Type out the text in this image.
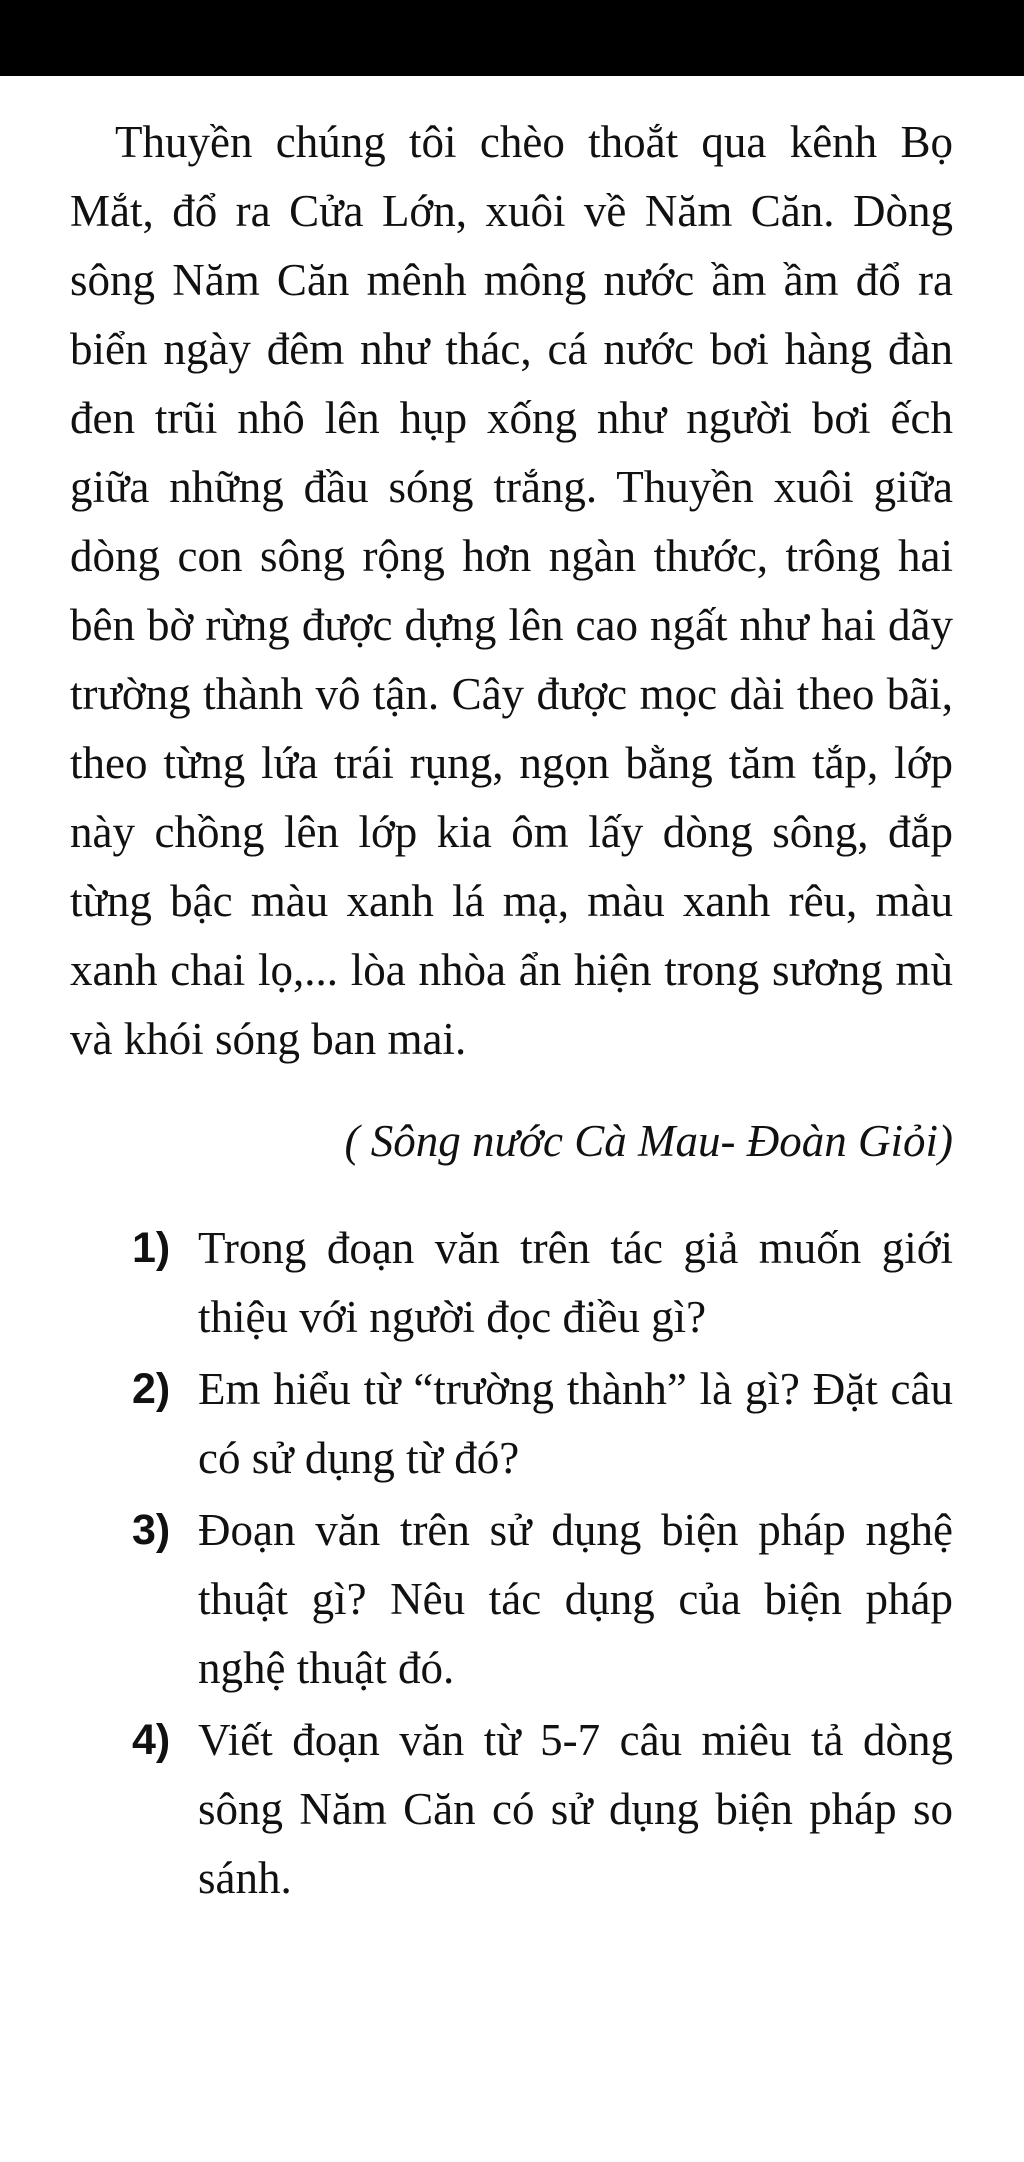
Thuyền chúng tôi chèo thoắt qua kênh Bọ Mắt, đổ ra Cửa Lớn, xuôi về Năm Căn. Dòng sông Năm Căn mênh mông nước ầm ầm đổ ra biển ngày đêm như thác, cá nước bơi hàng đàn đen trũi nhô lên hụp xống như người bơi ếch giữa những đầu sóng trắng. Thuyền xuôi giữa dòng con sông rộng hơn ngàn thước, trông hai bên bờ rừng được dựng lên cao ngất như hai dãy trường thành vô tận. Cây được mọc dài theo bãi, theo từng lứa trái rụng, ngọn bằng tăm tắp, lớp này chồng lên lớp kia ôm lấy dòng sông, đắp từng bậc màu xanh lá mạ, màu xanh rêu, màu xanh chai lọ,... lòa nhòa ẩn hiện trong sương mù và khói sóng ban mai.

( Sông nước Cà Mau- Đoàn Giỏi)

1) Trong đoạn văn trên tác giả muốn giới thiệu với người đọc điều gì?
2) Em hiểu từ “trường thành” là gì? Đặt câu có sử dụng từ đó?
3) Đoạn văn trên sử dụng biện pháp nghệ thuật gì? Nêu tác dụng của biện pháp nghệ thuật đó.
4) Viết đoạn văn từ 5-7 câu miêu tả dòng sông Năm Căn có sử dụng biện pháp so sánh.
